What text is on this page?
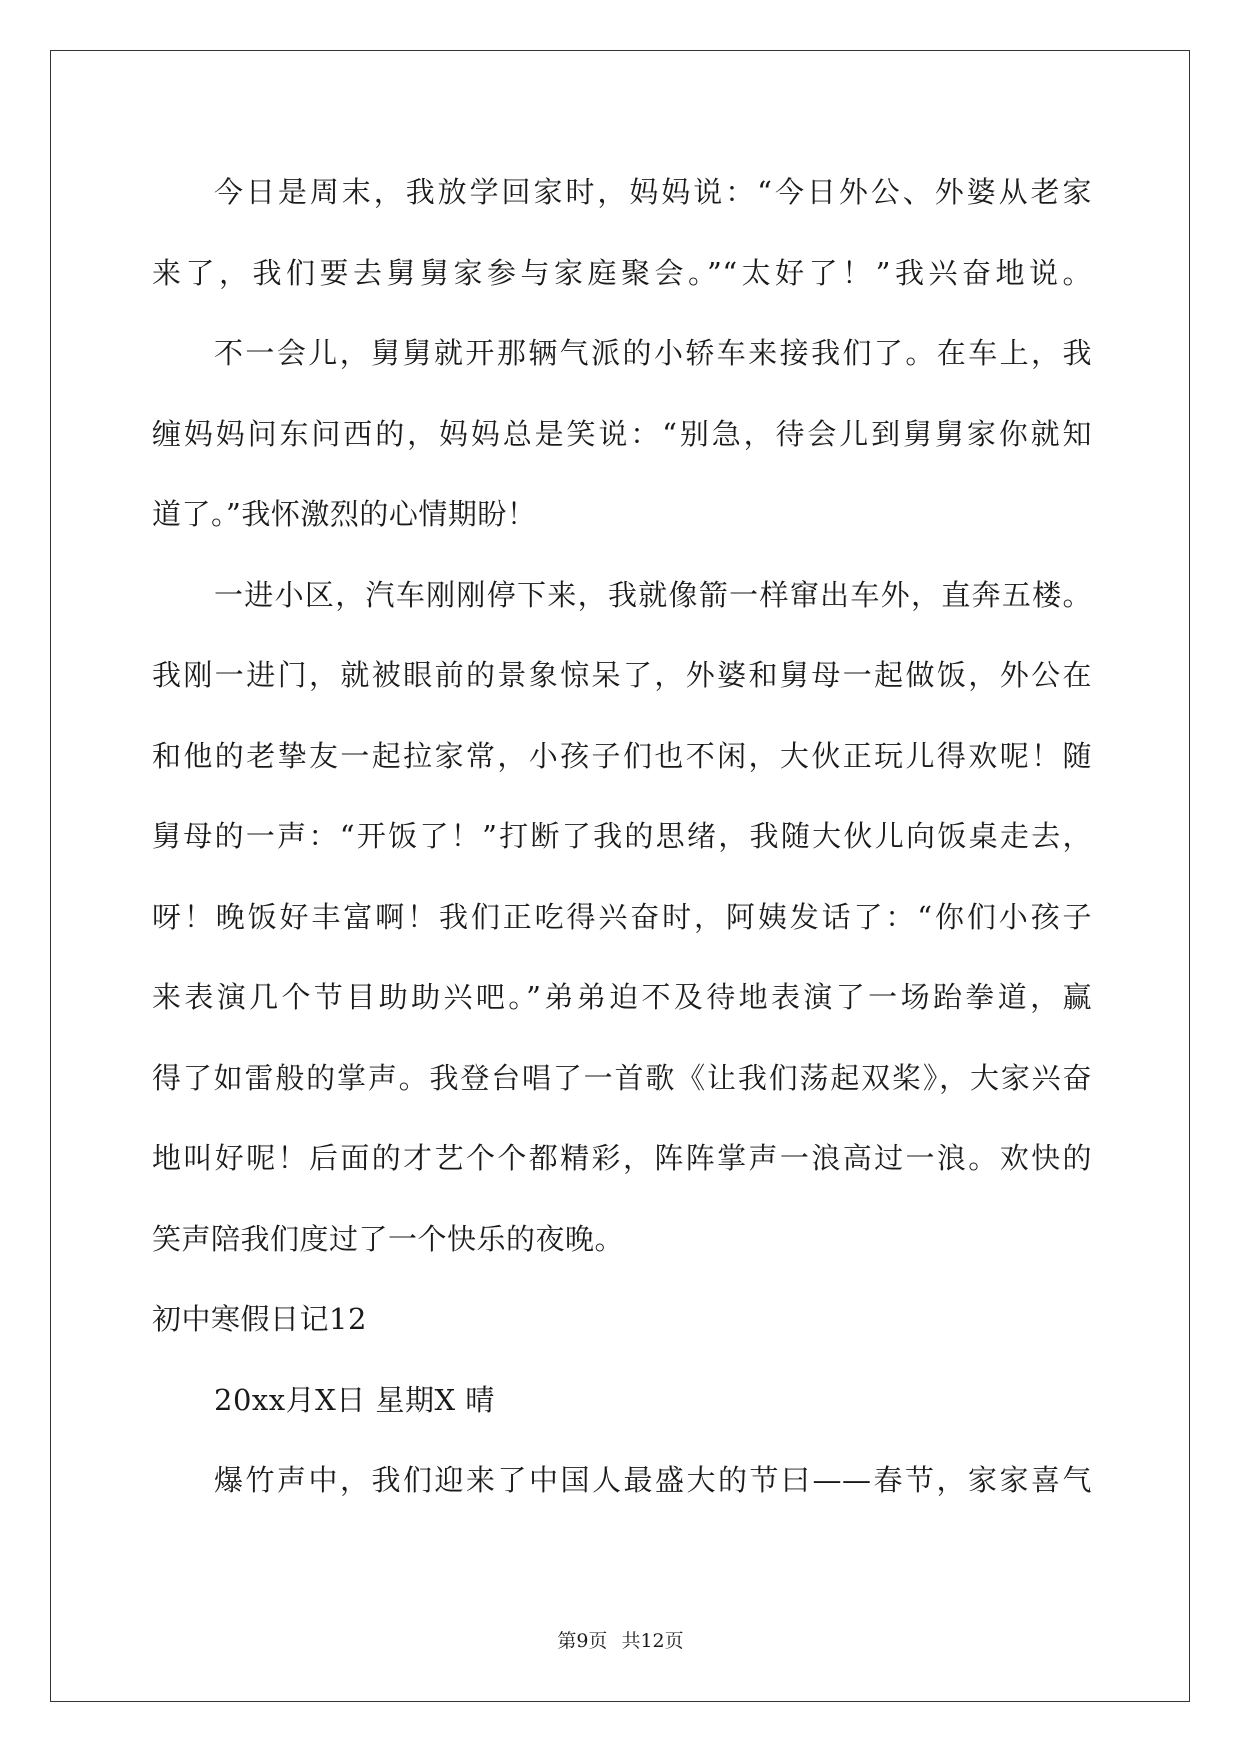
今日是周末，我放学回家时，妈妈说：“今日外公、外婆从老家
来了，我们要去舅舅家参与家庭聚会。”“太好了！”我兴奋地说。
不一会儿，舅舅就开那辆气派的小轿车来接我们了。在车上，我
缠妈妈问东问西的，妈妈总是笑说：“别急，待会儿到舅舅家你就知
道了。”我怀激烈的心情期盼！
一进小区，汽车刚刚停下来，我就像箭一样窜出车外，直奔五楼。
我刚一进门，就被眼前的景象惊呆了，外婆和舅母一起做饭，外公在
和他的老挚友一起拉家常，小孩子们也不闲，大伙正玩儿得欢呢！随
舅母的一声：“开饭了！”打断了我的思绪，我随大伙儿向饭桌走去，
呀！晚饭好丰富啊！我们正吃得兴奋时，阿姨发话了：“你们小孩子
来表演几个节目助助兴吧。”弟弟迫不及待地表演了一场跆拳道，赢
得了如雷般的掌声。我登台唱了一首歌《让我们荡起双桨》，大家兴奋
地叫好呢！后面的才艺个个都精彩，阵阵掌声一浪高过一浪。欢快的
笑声陪我们度过了一个快乐的夜晚。
初中寒假日记12
20xx月X日 星期X 晴
爆竹声中，我们迎来了中国人最盛大的节曰——春节，家家喜气
第9页 共12页
